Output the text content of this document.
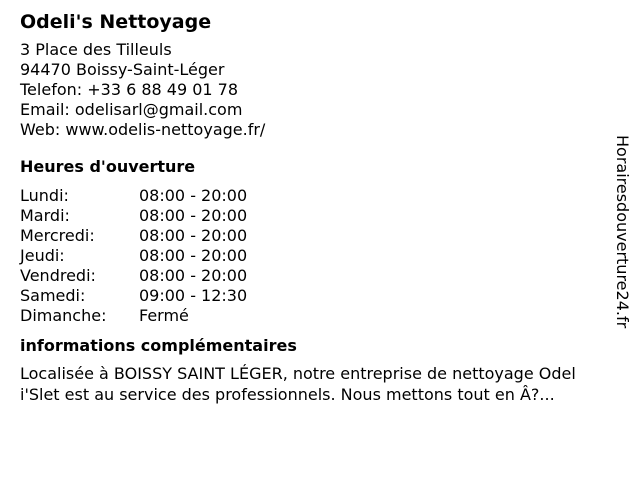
Odeli's Nettoyage
3 Place des Tilleuls
94470 Boissy-Saint-Léger
Telefon: +33 6 88 49 01 78
Email: odelisarl@gmail.com
Web: www.odelis-nettoyage.fr/
Heures d'ouverture
Lundi:	08:00 - 20:00
Mardi:	08:00 - 20:00
Mercredi:	08:00 - 20:00
Jeudi:	08:00 - 20:00
Vendredi:	08:00 - 20:00
Samedi:	09:00 - 12:30
Dimanche:	Fermé
informations complémentaires
Localisée à BOISSY SAINT LÉGER, notre entreprise de nettoyage Odel
i'Slet est au service des professionnels. Nous mettons tout en Â?...
Horairesdouverture24.fr
